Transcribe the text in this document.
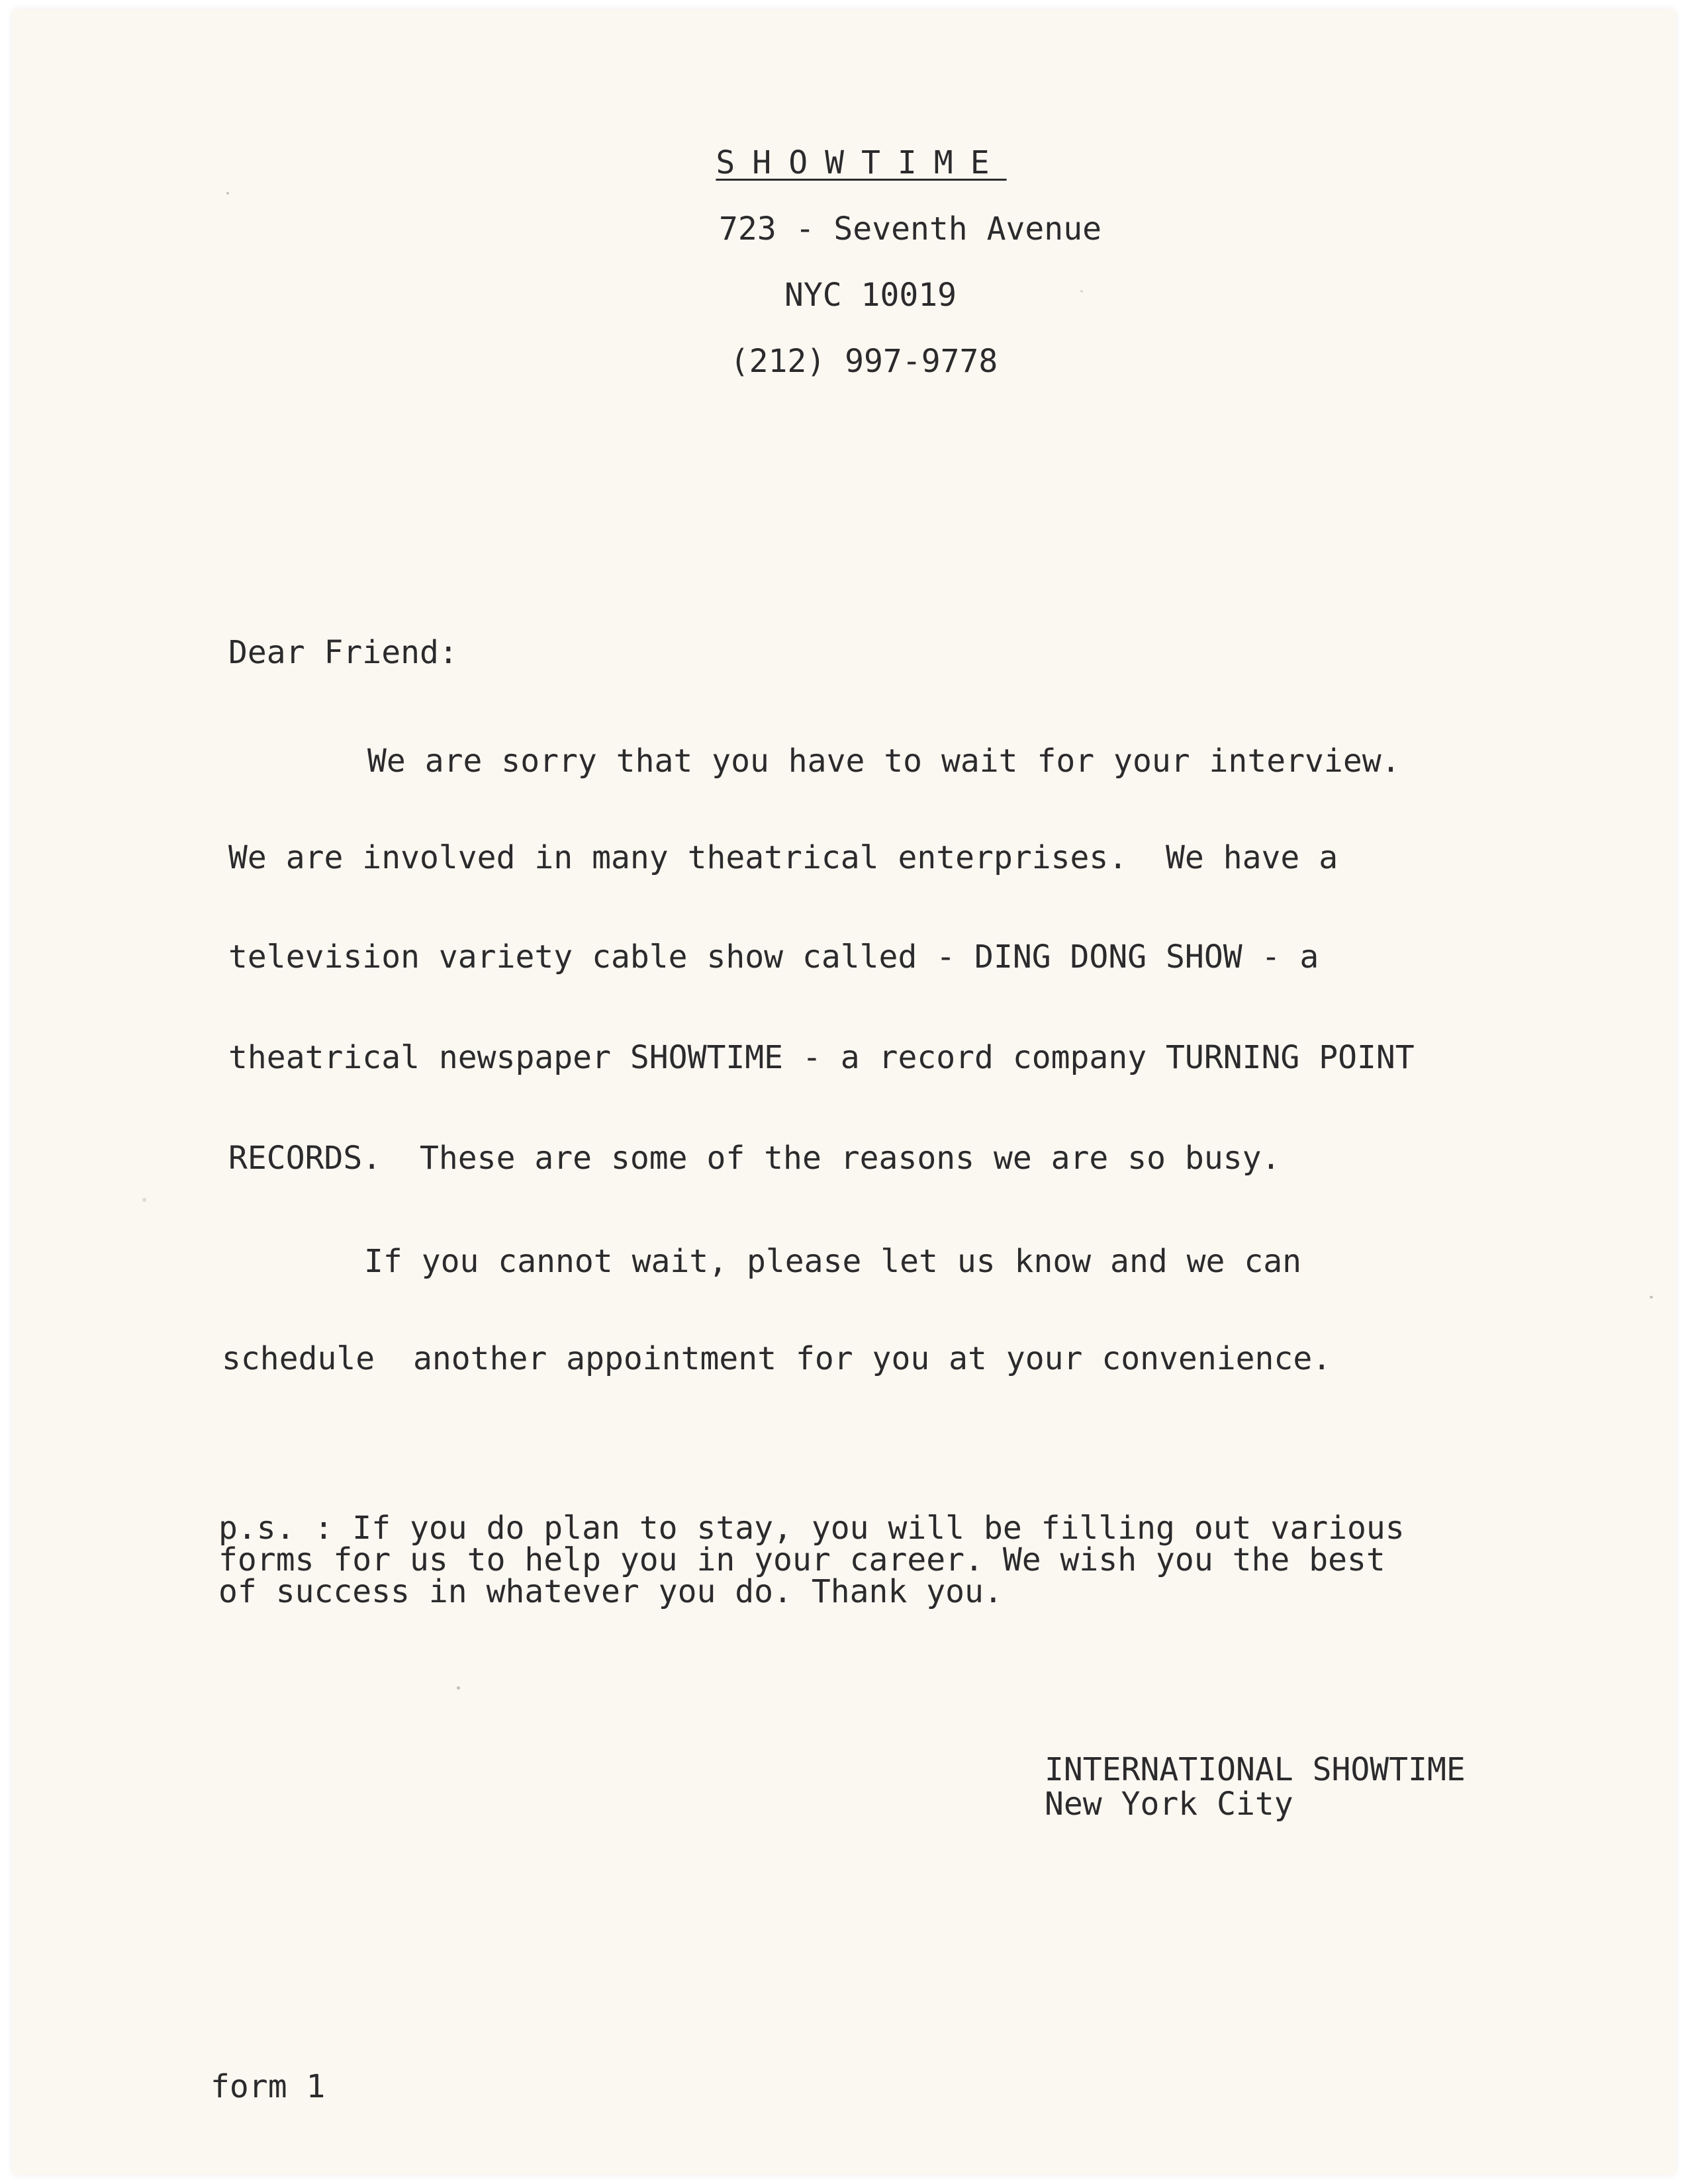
SHOWTIME
723 - Seventh Avenue
NYC 10019
(212) 997-9778
Dear Friend:
We are sorry that you have to wait for your interview.
We are involved in many theatrical enterprises.  We have a
television variety cable show called - DING DONG SHOW - a
theatrical newspaper SHOWTIME - a record company TURNING POINT
RECORDS.  These are some of the reasons we are so busy.
If you cannot wait, please let us know and we can
schedule  another appointment for you at your convenience.
p.s. : If you do plan to stay, you will be filling out various
forms for us to help you in your career. We wish you the best
of success in whatever you do. Thank you.
INTERNATIONAL SHOWTIME
New York City
form 1
